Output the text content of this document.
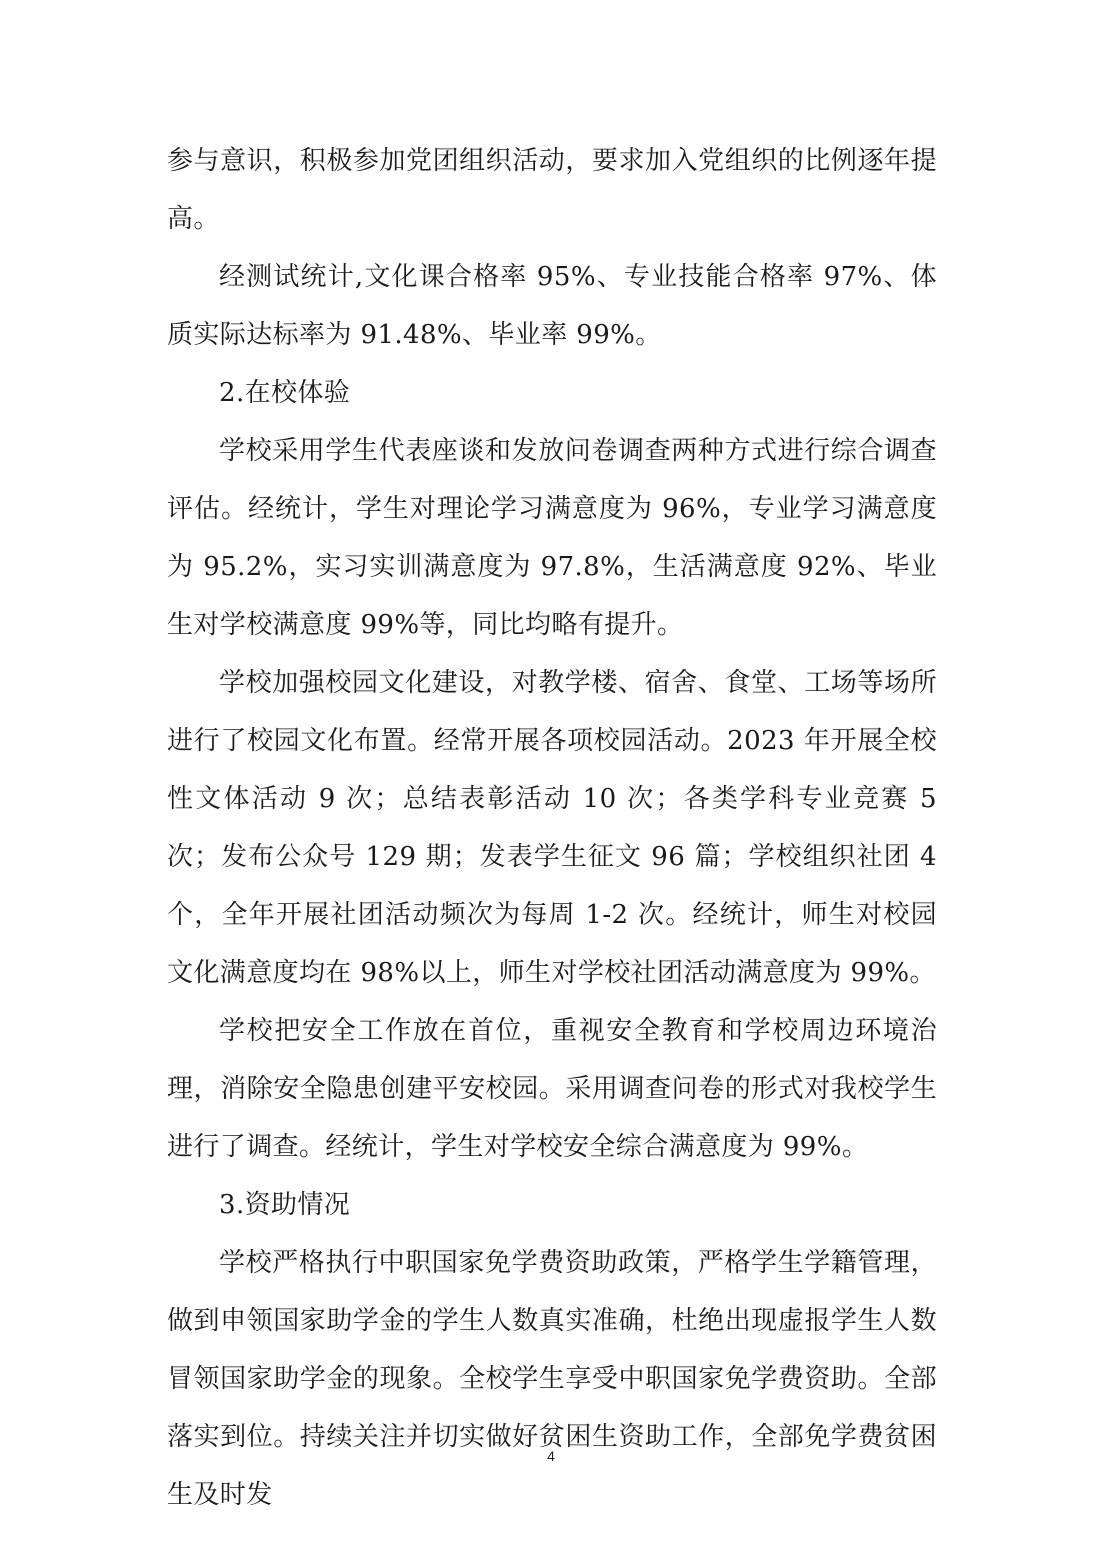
参与意识，积极参加党团组织活动，要求加入党组织的比例逐年提高。

经测试统计,文化课合格率 95%、专业技能合格率 97%、体质实际达标率为 91.48%、毕业率 99%。

2.在校体验

学校采用学生代表座谈和发放问卷调查两种方式进行综合调查评估。经统计，学生对理论学习满意度为 96%，专业学习满意度为 95.2%，实习实训满意度为 97.8%，生活满意度 92%、毕业生对学校满意度 99%等，同比均略有提升。

学校加强校园文化建设，对教学楼、宿舍、食堂、工场等场所进行了校园文化布置。经常开展各项校园活动。2023 年开展全校性文体活动 9 次；总结表彰活动 10 次；各类学科专业竞赛 5 次；发布公众号 129 期；发表学生征文 96 篇；学校组织社团 4 个，全年开展社团活动频次为每周 1-2 次。经统计，师生对校园文化满意度均在 98%以上，师生对学校社团活动满意度为 99%。

学校把安全工作放在首位，重视安全教育和学校周边环境治理，消除安全隐患创建平安校园。采用调查问卷的形式对我校学生进行了调查。经统计，学生对学校安全综合满意度为 99%。

3.资助情况

学校严格执行中职国家免学费资助政策，严格学生学籍管理，做到申领国家助学金的学生人数真实准确，杜绝出现虚报学生人数冒领国家助学金的现象。全校学生享受中职国家免学费资助。全部落实到位。持续关注并切实做好贫困生资助工作，全部免学费贫困生及时发

4
